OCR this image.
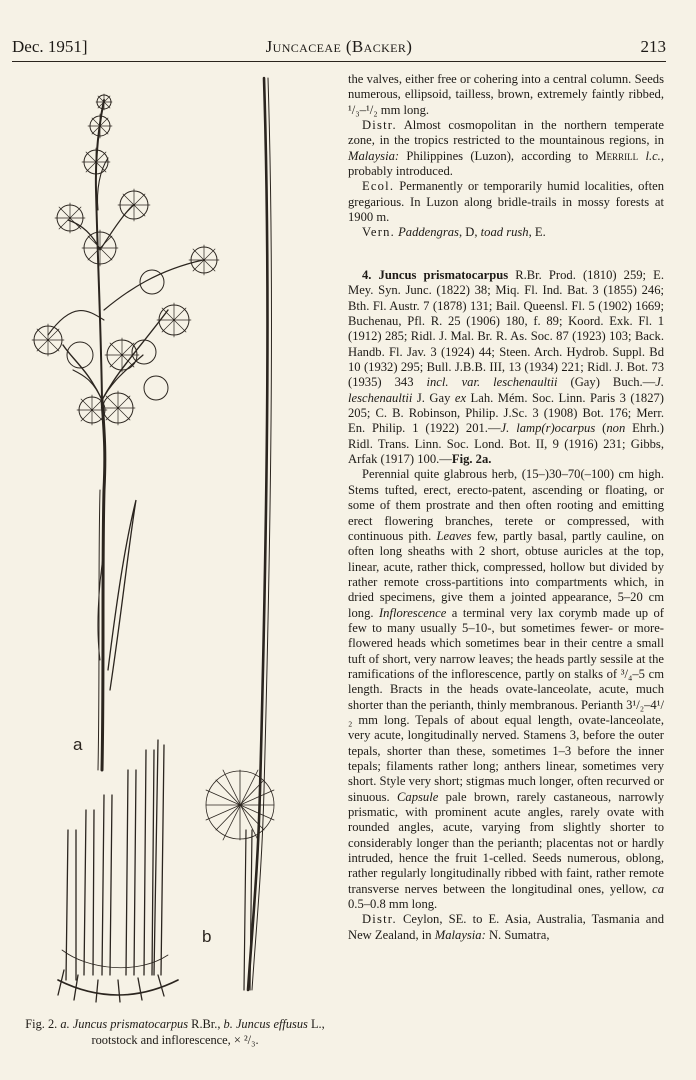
Dec. 1951]	Juncaceae (Backer)	213
a
b
Fig. 2. a. Juncus prismatocarpus R.Br., b. Juncus effusus L., rootstock and inflorescence, × ²/₃.

the valves, either free or cohering into a central column. Seeds numerous, ellipsoid, tailless, brown, extremely faintly ribbed, ¹/₃–¹/₂ mm long.

Distr. Almost cosmopolitan in the northern temperate zone, in the tropics restricted to the mountainous regions, in Malaysia: Philippines (Luzon), according to Merrill l.c., probably introduced.

Ecol. Permanently or temporarily humid localities, often gregarious. In Luzon along bridle-trails in mossy forests at 1900 m.

Vern. Paddengras, D, toad rush, E.

4. Juncus prismatocarpus R.Br. Prod. (1810) 259; E. Mey. Syn. Junc. (1822) 38; Miq. Fl. Ind. Bat. 3 (1855) 246; Bth. Fl. Austr. 7 (1878) 131; Bail. Queensl. Fl. 5 (1902) 1669; Buchenau, Pfl. R. 25 (1906) 180, f. 89; Koord. Exk. Fl. 1 (1912) 285; Ridl. J. Mal. Br. R. As. Soc. 87 (1923) 103; Back. Handb. Fl. Jav. 3 (1924) 44; Steen. Arch. Hydrob. Suppl. Bd 10 (1932) 295; Bull. J.B.B. III, 13 (1934) 221; Ridl. J. Bot. 73 (1935) 343 incl. var. leschenaultii (Gay) Buch.—J. leschenaultii J. Gay ex Lah. Mém. Soc. Linn. Paris 3 (1827) 205; C. B. Robinson, Philip. J.Sc. 3 (1908) Bot. 176; Merr. En. Philip. 1 (1922) 201.—J. lamp(r)ocarpus (non Ehrh.) Ridl. Trans. Linn. Soc. Lond. Bot. II, 9 (1916) 231; Gibbs, Arfak (1917) 100.—Fig. 2a.

Perennial quite glabrous herb, (15–)30–70(–100) cm high. Stems tufted, erect, erecto-patent, ascending or floating, or some of them prostrate and then often rooting and emitting erect flowering branches, terete or compressed, with continuous pith. Leaves few, partly basal, partly cauline, on often long sheaths with 2 short, obtuse auricles at the top, linear, acute, rather thick, compressed, hollow but divided by rather remote cross-partitions into compartments which, in dried specimens, give them a jointed appearance, 5–20 cm long. Inflorescence a terminal very lax corymb made up of few to many usually 5–10-, but sometimes fewer- or more-flowered heads which sometimes bear in their centre a small tuft of short, very narrow leaves; the heads partly sessile at the ramifications of the inflorescence, partly on stalks of ³/₄–5 cm length. Bracts in the heads ovate-lanceolate, acute, much shorter than the perianth, thinly membranous. Perianth 3¹/₂–4¹/₂ mm long. Tepals of about equal length, ovate-lanceolate, very acute, longitudinally nerved. Stamens 3, before the outer tepals, shorter than these, sometimes 1–3 before the inner tepals; filaments rather long; anthers linear, sometimes very short. Style very short; stigmas much longer, often recurved or sinuous. Capsule pale brown, rarely castaneous, narrowly prismatic, with prominent acute angles, rarely ovate with rounded angles, acute, varying from slightly shorter to considerably longer than the perianth; placentas not or hardly intruded, hence the fruit 1-celled. Seeds numerous, oblong, rather regularly longitudinally ribbed with faint, rather remote transverse nerves between the longitudinal ones, yellow, ca 0.5–0.8 mm long.

Distr. Ceylon, SE. to E. Asia, Australia, Tasmania and New Zealand, in Malaysia: N. Sumatra,
